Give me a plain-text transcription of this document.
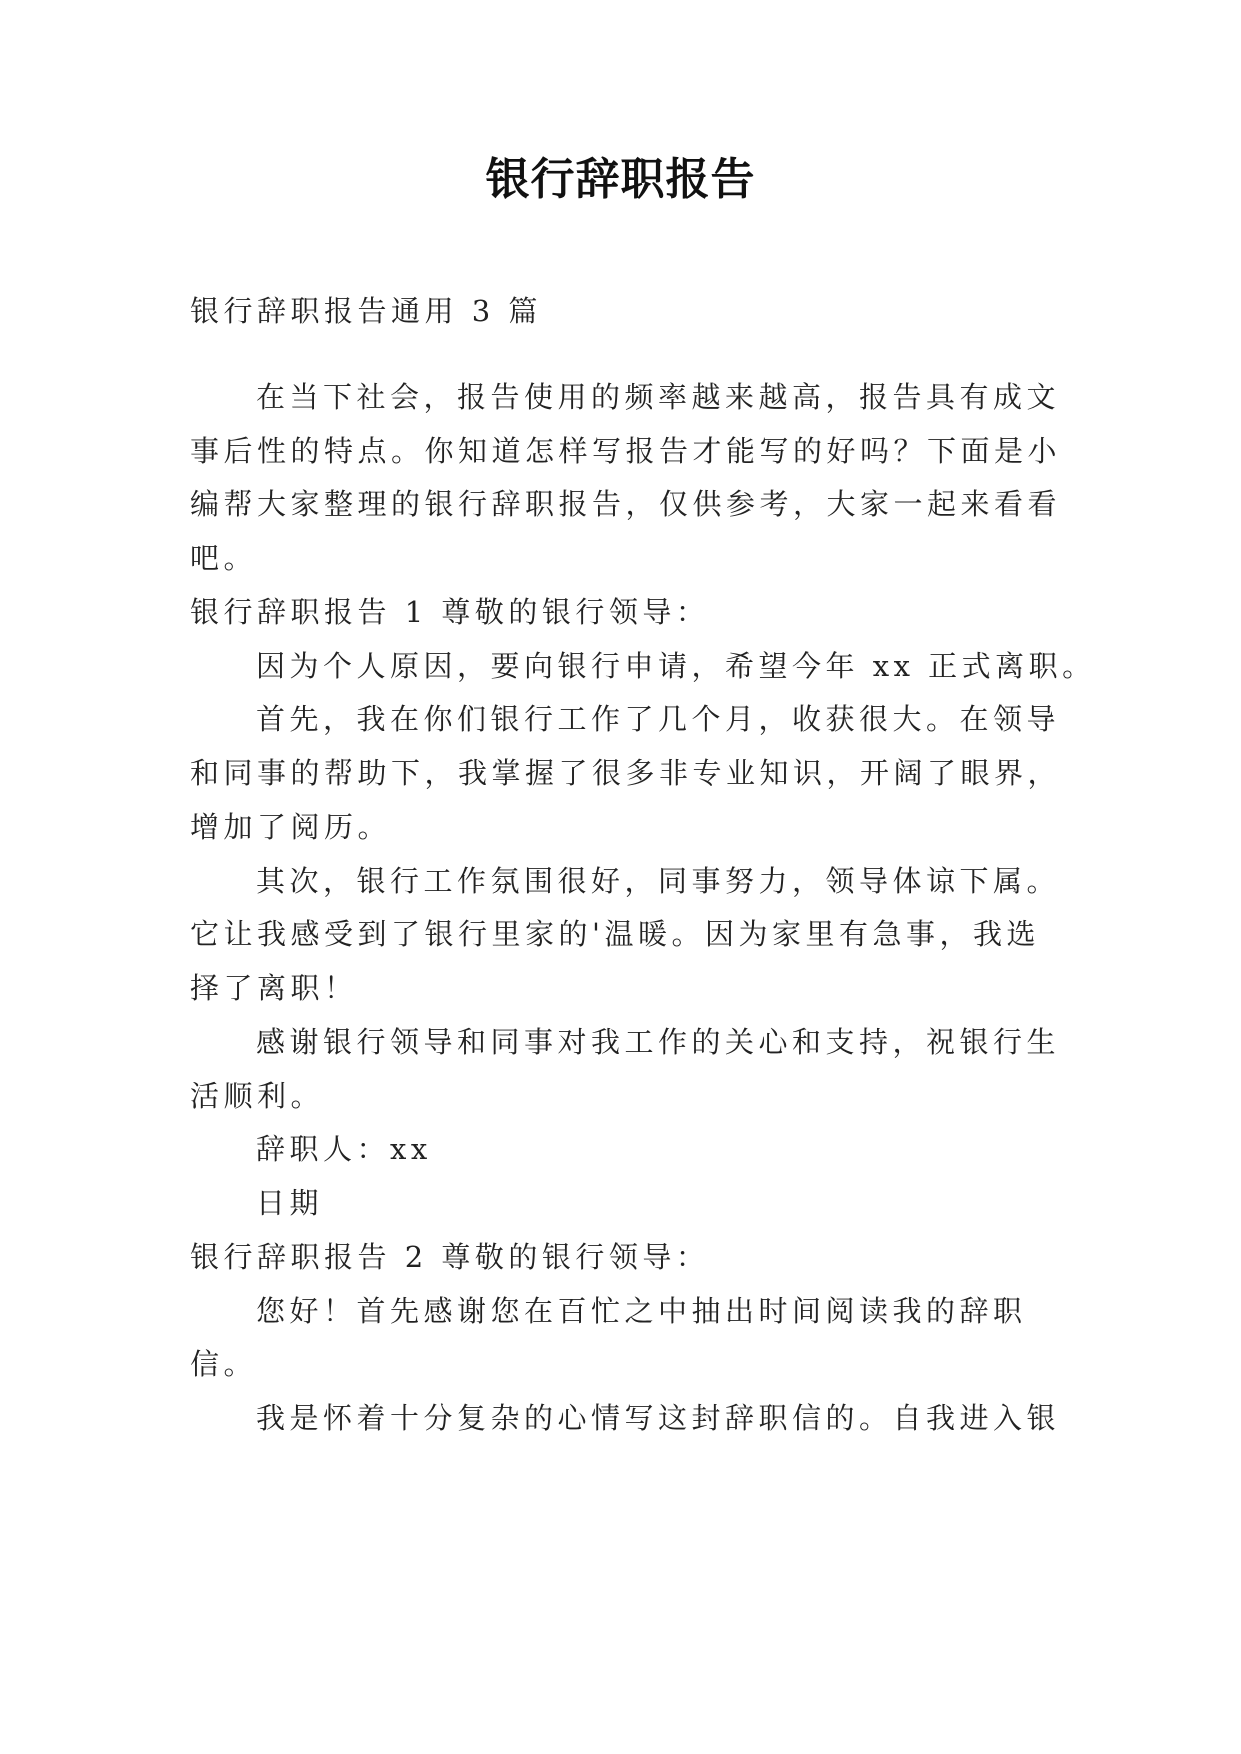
银行辞职报告
银行辞职报告通用 3 篇
在当下社会，报告使用的频率越来越高，报告具有成文
事后性的特点。你知道怎样写报告才能写的好吗？下面是小
编帮大家整理的银行辞职报告，仅供参考，大家一起来看看
吧。
银行辞职报告 1 尊敬的银行领导：
因为个人原因，要向银行申请，希望今年 xx 正式离职。
首先，我在你们银行工作了几个月，收获很大。在领导
和同事的帮助下，我掌握了很多非专业知识，开阔了眼界，
增加了阅历。
其次，银行工作氛围很好，同事努力，领导体谅下属。
它让我感受到了银行里家的'温暖。因为家里有急事，我选
择了离职！
感谢银行领导和同事对我工作的关心和支持，祝银行生
活顺利。
辞职人：xx
日期
银行辞职报告 2 尊敬的银行领导：
您好！首先感谢您在百忙之中抽出时间阅读我的辞职
信。
我是怀着十分复杂的心情写这封辞职信的。自我进入银
